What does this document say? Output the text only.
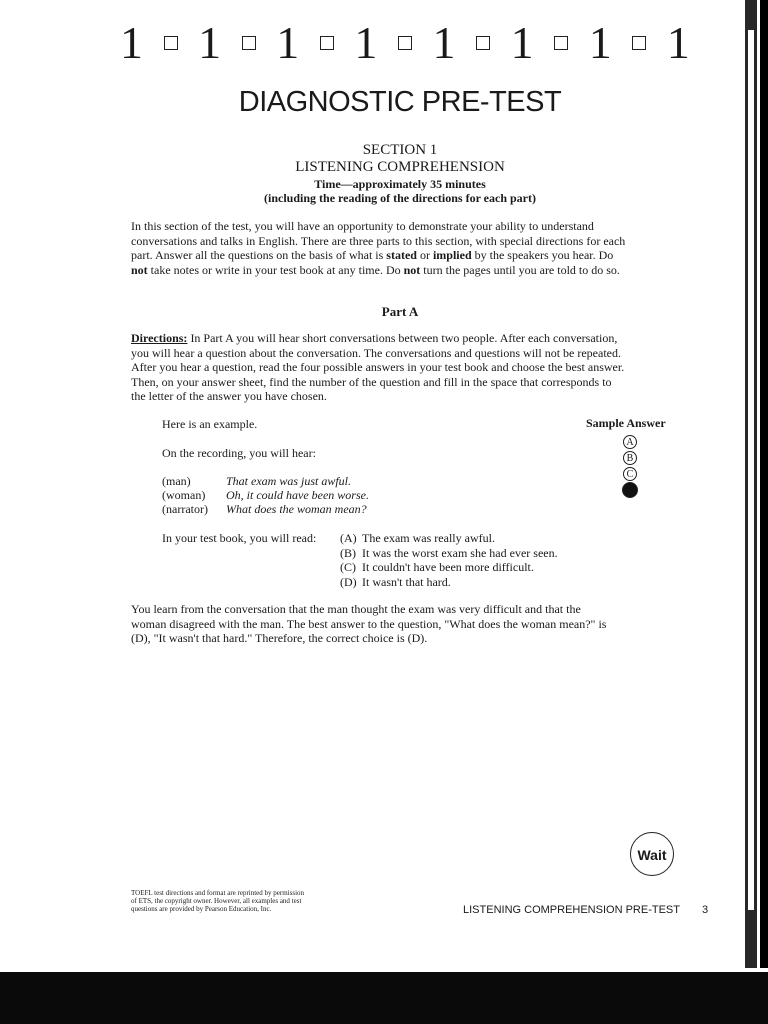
1 1 1 1 1 1 1 1
DIAGNOSTIC PRE-TEST
SECTION 1
LISTENING COMPREHENSION
Time—approximately 35 minutes
(including the reading of the directions for each part)
In this section of the test, you will have an opportunity to demonstrate your ability to understand
conversations and talks in English. There are three parts to this section, with special directions for each
part. Answer all the questions on the basis of what is stated or implied by the speakers you hear. Do
not take notes or write in your test book at any time. Do not turn the pages until you are told to do so.
Part A
Directions: In Part A you will hear short conversations between two people. After each conversation,
you will hear a question about the conversation. The conversations and questions will not be repeated.
After you hear a question, read the four possible answers in your test book and choose the best answer.
Then, on your answer sheet, find the number of the question and fill in the space that corresponds to
the letter of the answer you have chosen.
Here is an example.	Sample Answer
On the recording, you will hear:
A
B
C
(man)	That exam was just awful.
(woman) Oh, it could have been worse.
(narrator) What does the woman mean?
In your test book, you will read: (A) The exam was really awful.
(B) It was the worst exam she had ever seen.
(C) It couldn't have been more difficult.
(D) It wasn't that hard.
You learn from the conversation that the man thought the exam was very difficult and that the
woman disagreed with the man. The best answer to the question, "What does the woman mean?" is
(D), "It wasn't that hard." Therefore, the correct choice is (D).
Wait
TOEFL test directions and format are reprinted by permission
of ETS, the copyright owner. However, all examples and test
questions are provided by Pearson Education, Inc.	LISTENING COMPREHENSION PRE-TEST 3
